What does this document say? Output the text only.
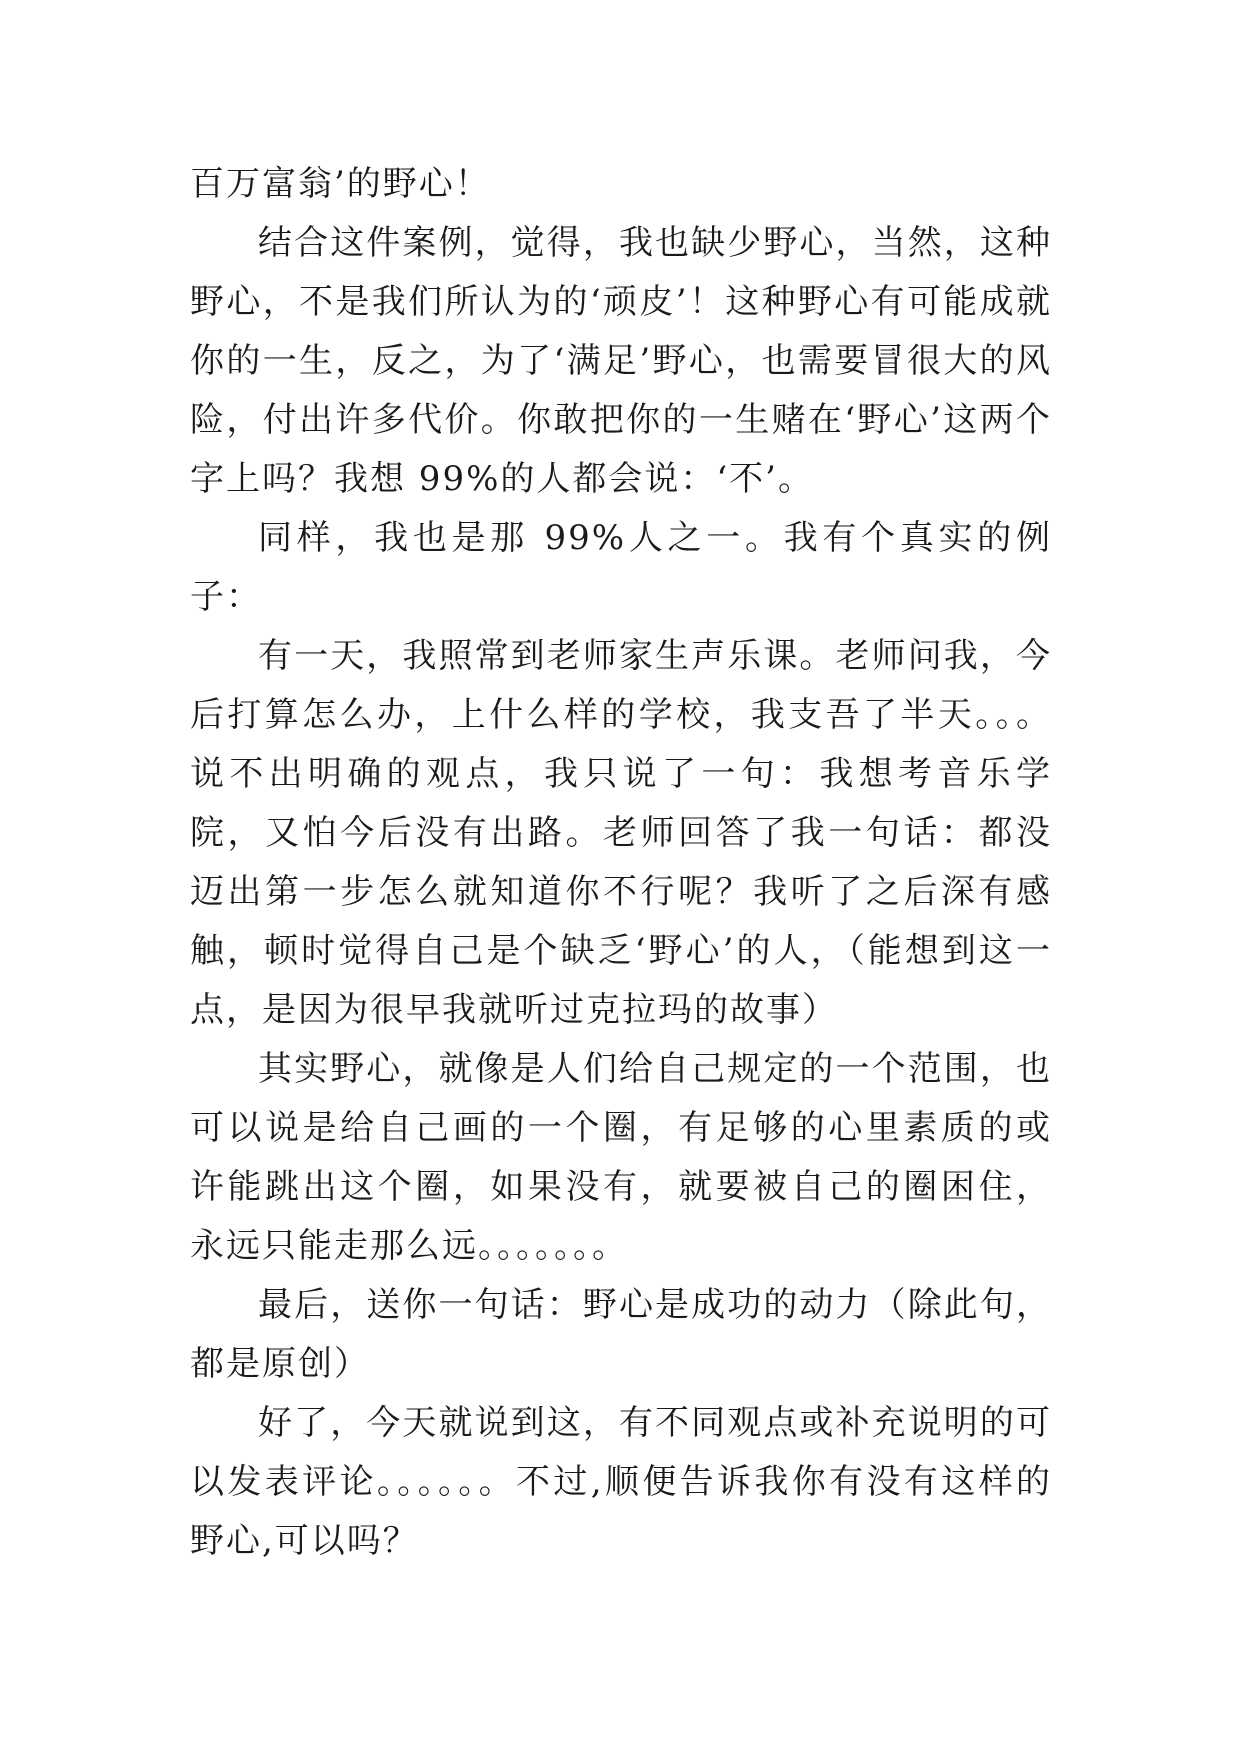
百万富翁’的野心！

结合这件案例，觉得，我也缺少野心，当然，这种野心，不是我们所认为的‘顽皮’！这种野心有可能成就你的一生，反之，为了‘满足’野心，也需要冒很大的风险，付出许多代价。你敢把你的一生赌在‘野心’这两个字上吗？我想 99%的人都会说：‘不’。

同样，我也是那 99%人之一。我有个真实的例子：

有一天，我照常到老师家生声乐课。老师问我，今后打算怎么办，上什么样的学校，我支吾了半天。。。说不出明确的观点，我只说了一句：我想考音乐学院，又怕今后没有出路。老师回答了我一句话：都没迈出第一步怎么就知道你不行呢？我听了之后深有感触，顿时觉得自己是个缺乏‘野心’的人，（能想到这一点，是因为很早我就听过克拉玛的故事）

其实野心，就像是人们给自己规定的一个范围，也可以说是给自己画的一个圈，有足够的心里素质的或许能跳出这个圈，如果没有，就要被自己的圈困住，永远只能走那么远。。。。。。。

最后，送你一句话：野心是成功的动力（除此句，都是原创）

好了，今天就说到这，有不同观点或补充说明的可以发表评论。。。。。。不过,顺便告诉我你有没有这样的野心,可以吗？
